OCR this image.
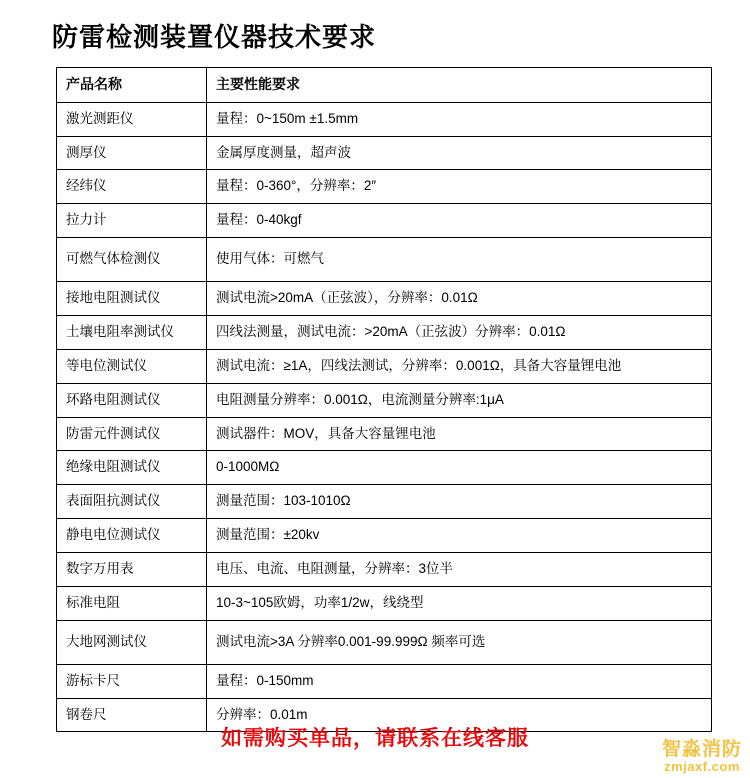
防雷检测装置仪器技术要求
产品名称	主要性能要求
激光测距仪	量程：0~150m ±1.5mm
测厚仪	金属厚度测量，超声波
经纬仪	量程：0-360°，分辨率：2″
拉力计	量程：0-40kgf
可燃气体检测仪	使用气体：可燃气
接地电阻测试仪	测试电流>20mA（正弦波），分辨率：0.01Ω
土壤电阻率测试仪	四线法测量，测试电流：>20mA（正弦波）分辨率：0.01Ω
等电位测试仪	测试电流：≥1A，四线法测试，分辨率：0.001Ω，具备大容量锂电池
环路电阻测试仪	电阻测量分辨率：0.001Ω，电流测量分辨率:1μA
防雷元件测试仪	测试器件：MOV，具备大容量锂电池
绝缘电阻测试仪	0-1000MΩ
表面阻抗测试仪	测量范围：103-1010Ω
静电电位测试仪	测量范围：±20kv
数字万用表	电压、电流、电阻测量，分辨率：3位半
标准电阻	10-3~105欧姆，功率1/2w，线绕型
大地网测试仪	测试电流>3A 分辨率0.001-99.999Ω 频率可选
游标卡尺	量程：0-150mm
钢卷尺	分辨率：0.01m
如需购买单品，请联系在线客服	智淼消防
zmjaxf.com
